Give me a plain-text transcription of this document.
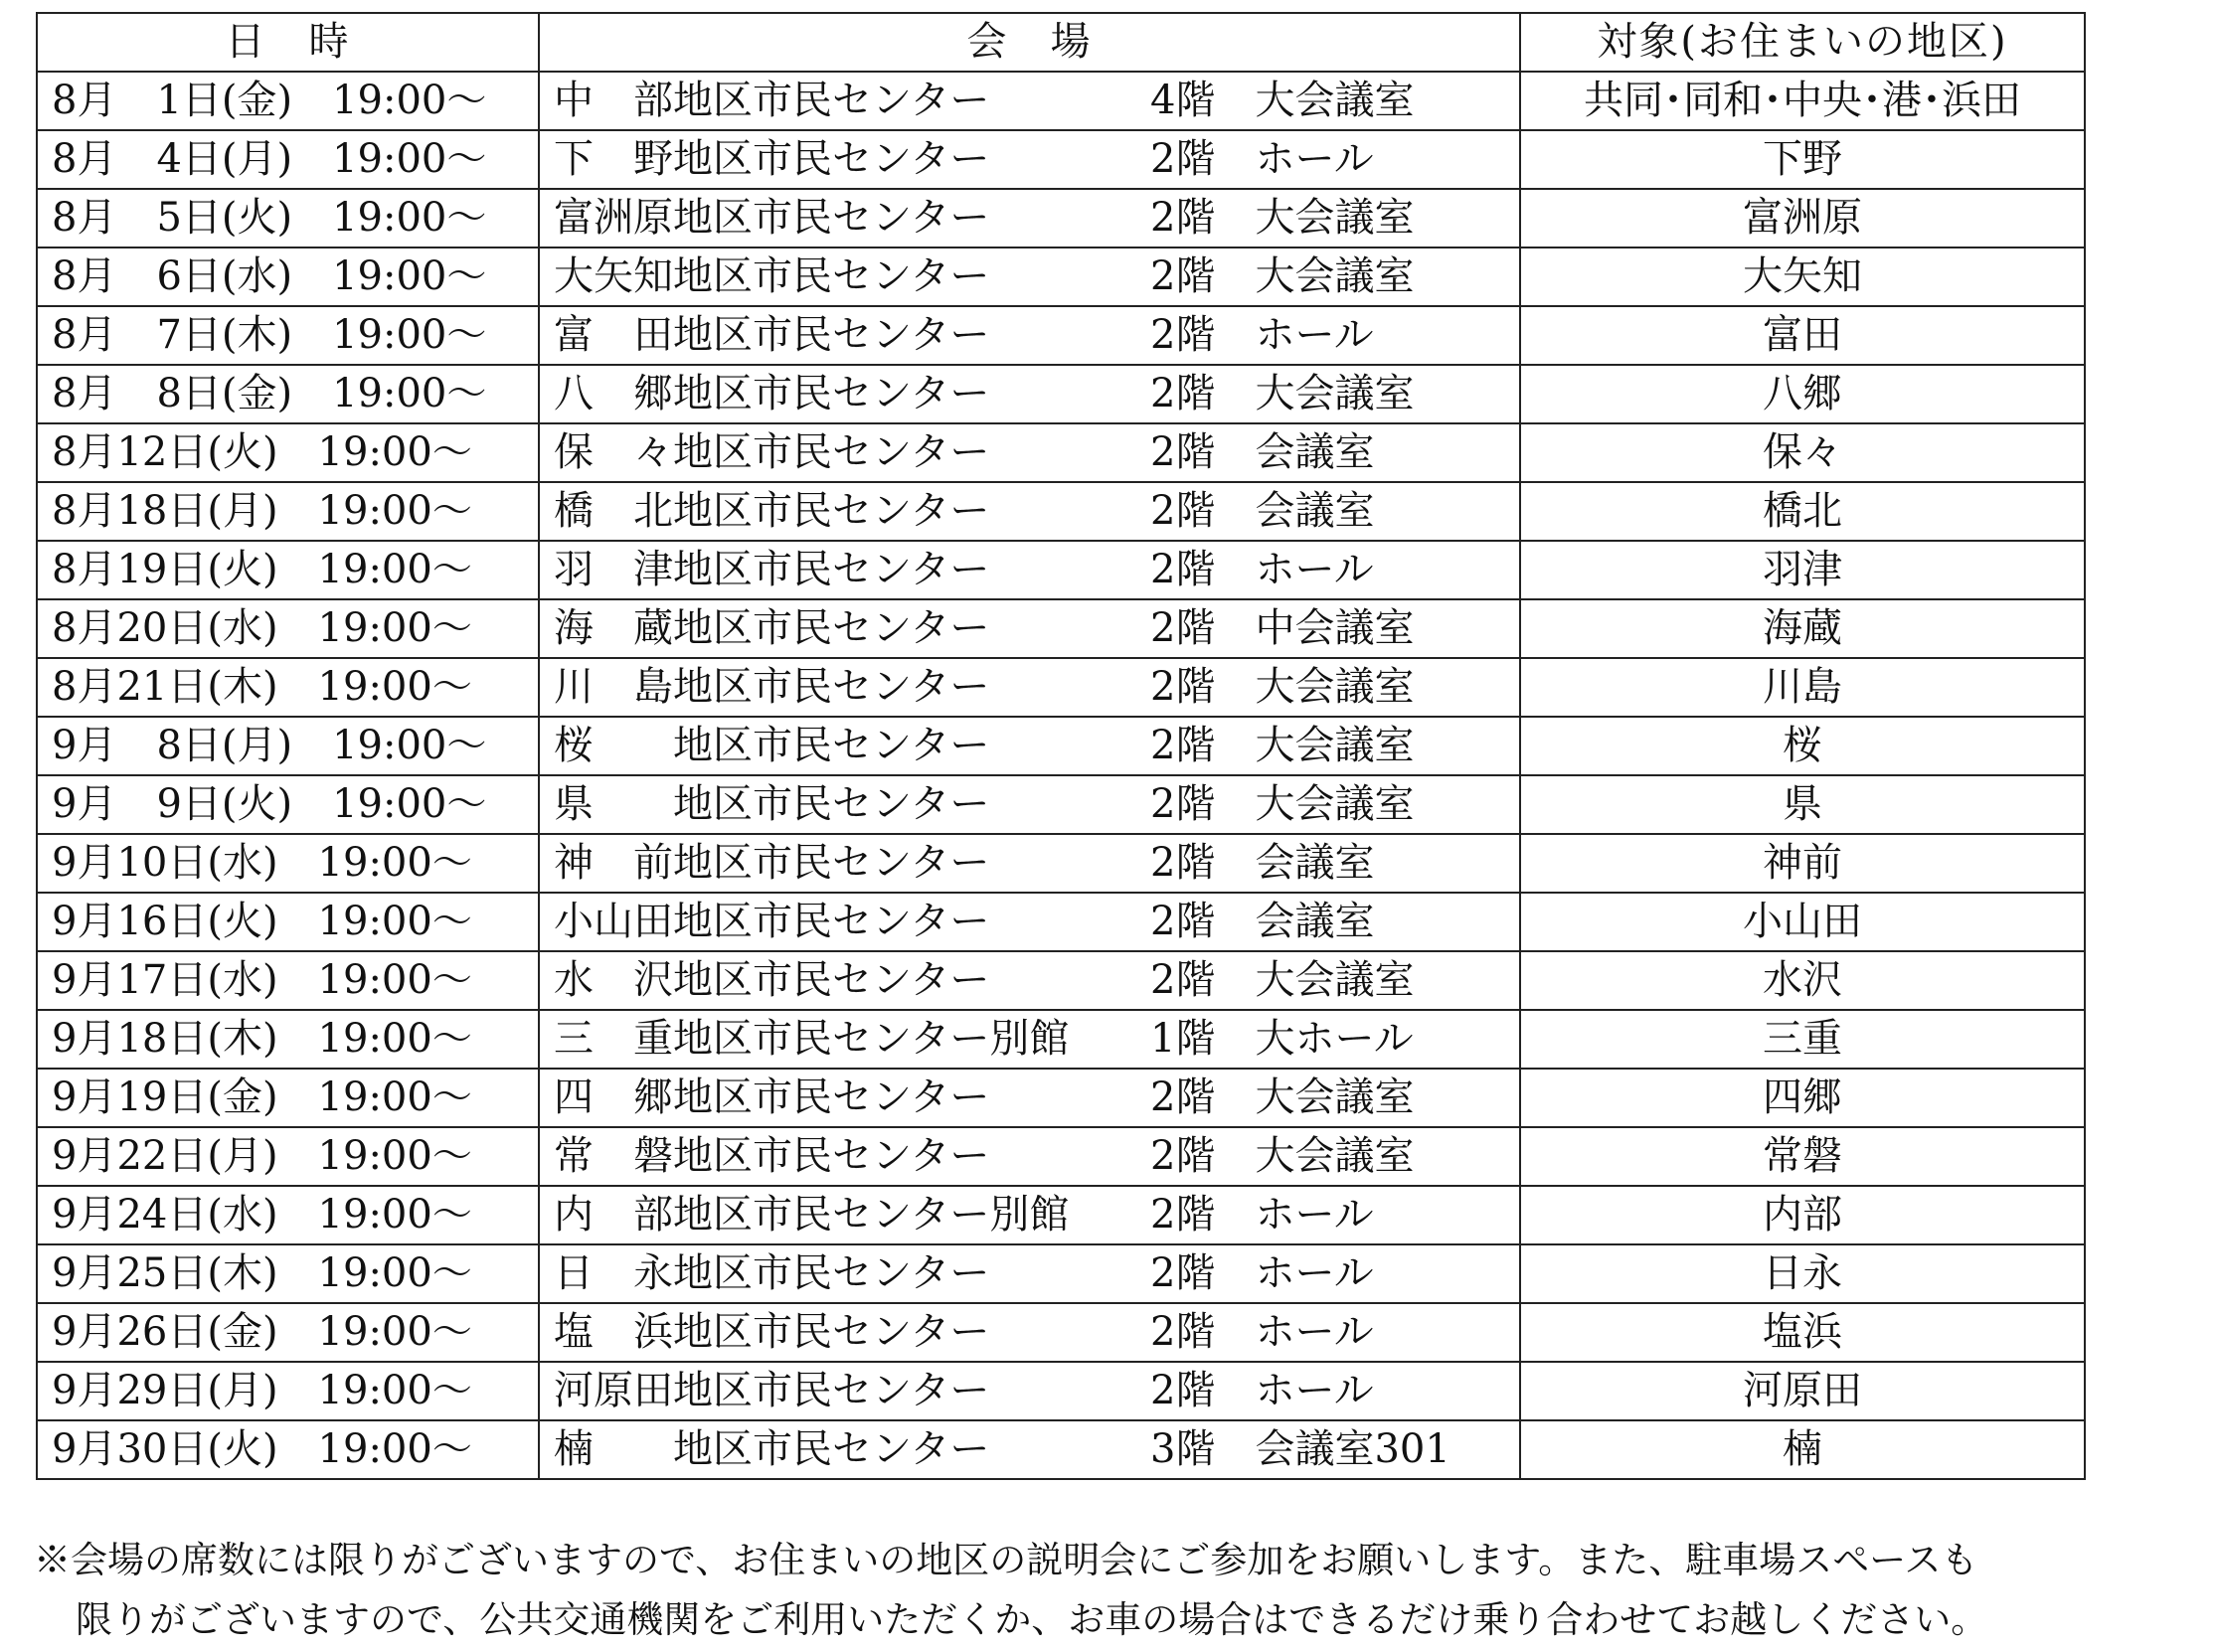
日　時	会　場	対象(お住まいの地区)
8月　1日(金)　19:00～	中　部地区市民センター 4階　大会議室	共同･同和･中央･港･浜田
8月　4日(月)　19:00～	下　野地区市民センター 2階　ホール	下野
8月　5日(火)　19:00～	富洲原地区市民センター 2階　大会議室	富洲原
8月　6日(水)　19:00～	大矢知地区市民センター 2階　大会議室	大矢知
8月　7日(木)　19:00～	富　田地区市民センター 2階　ホール	富田
8月　8日(金)　19:00～	八　郷地区市民センター 2階　大会議室	八郷
8月12日(火)　19:00～	保　々地区市民センター 2階　会議室	保々
8月18日(月)　19:00～	橋　北地区市民センター 2階　会議室	橋北
8月19日(火)　19:00～	羽　津地区市民センター 2階　ホール	羽津
8月20日(水)　19:00～	海　蔵地区市民センター 2階　中会議室	海蔵
8月21日(木)　19:00～	川　島地区市民センター 2階　大会議室	川島
9月　8日(月)　19:00～	桜　　地区市民センター 2階　大会議室	桜
9月　9日(火)　19:00～	県　　地区市民センター 2階　大会議室	県
9月10日(水)　19:00～	神　前地区市民センター 2階　会議室	神前
9月16日(火)　19:00～	小山田地区市民センター 2階　会議室	小山田
9月17日(水)　19:00～	水　沢地区市民センター 2階　大会議室	水沢
9月18日(木)　19:00～	三　重地区市民センター別館 1階　大ホール	三重
9月19日(金)　19:00～	四　郷地区市民センター 2階　大会議室	四郷
9月22日(月)　19:00～	常　磐地区市民センター 2階　大会議室	常磐
9月24日(水)　19:00～	内　部地区市民センター別館 2階　ホール	内部
9月25日(木)　19:00～	日　永地区市民センター 2階　ホール	日永
9月26日(金)　19:00～	塩　浜地区市民センター 2階　ホール	塩浜
9月29日(月)　19:00～	河原田地区市民センター 2階　ホール	河原田
9月30日(火)　19:00～	楠　　地区市民センター 3階　会議室301	楠

※会場の席数には限りがございますので、お住まいの地区の説明会にご参加をお願いします。また、駐車場スペースも

限りがございますので、公共交通機関をご利用いただくか、お車の場合はできるだけ乗り合わせてお越しください。
